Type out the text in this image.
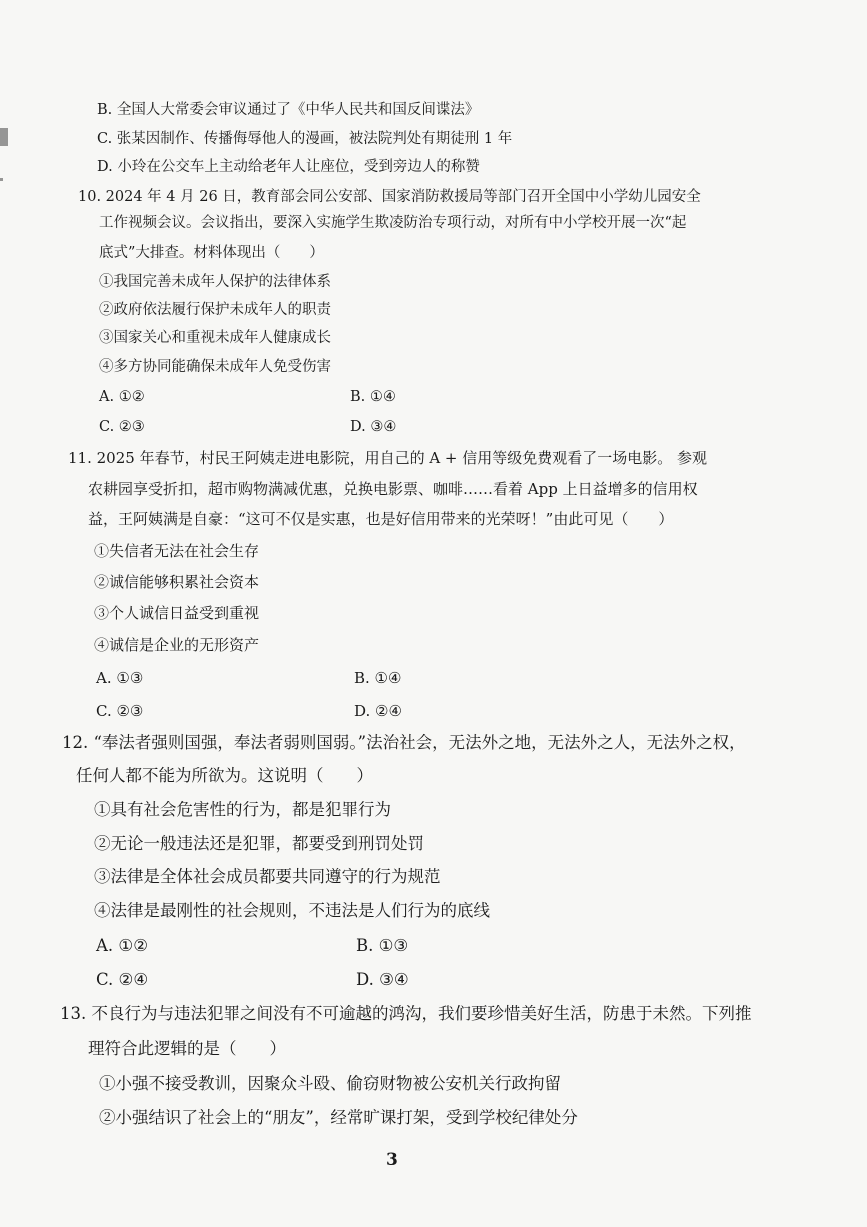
B. 全国人大常委会审议通过了《中华人民共和国反间谍法》
C. 张某因制作、传播侮辱他人的漫画，被法院判处有期徒刑 1 年
D. 小玲在公交车上主动给老年人让座位，受到旁边人的称赞
10. 2024 年 4 月 26 日，教育部会同公安部、国家消防救援局等部门召开全国中小学幼儿园安全
工作视频会议。会议指出，要深入实施学生欺凌防治专项行动，对所有中小学校开展一次“起
底式”大排查。材料体现出（　　）
①我国完善未成年人保护的法律体系
②政府依法履行保护未成年人的职责
③国家关心和重视未成年人健康成长
④多方协同能确保未成年人免受伤害
A. ①②	B. ①④
C. ②③	D. ③④
11. 2025 年春节，村民王阿姨走进电影院，用自己的 A + 信用等级免费观看了一场电影。 参观
农耕园享受折扣，超市购物满减优惠，兑换电影票、咖啡……看着 App 上日益增多的信用权
益，王阿姨满是自豪：“这可不仅是实惠，也是好信用带来的光荣呀！”由此可见（　　）
①失信者无法在社会生存
②诚信能够积累社会资本
③个人诚信日益受到重视
④诚信是企业的无形资产
A. ①③	B. ①④
C. ②③	D. ②④
12. “奉法者强则国强，奉法者弱则国弱。”法治社会，无法外之地，无法外之人，无法外之权，
任何人都不能为所欲为。这说明（　　）
①具有社会危害性的行为，都是犯罪行为
②无论一般违法还是犯罪，都要受到刑罚处罚
③法律是全体社会成员都要共同遵守的行为规范
④法律是最刚性的社会规则，不违法是人们行为的底线
A. ①②	B. ①③
C. ②④	D. ③④
13. 不良行为与违法犯罪之间没有不可逾越的鸿沟，我们要珍惜美好生活，防患于未然。下列推
理符合此逻辑的是（　　）
①小强不接受教训，因聚众斗殴、偷窃财物被公安机关行政拘留
②小强结识了社会上的“朋友”，经常旷课打架，受到学校纪律处分
3
